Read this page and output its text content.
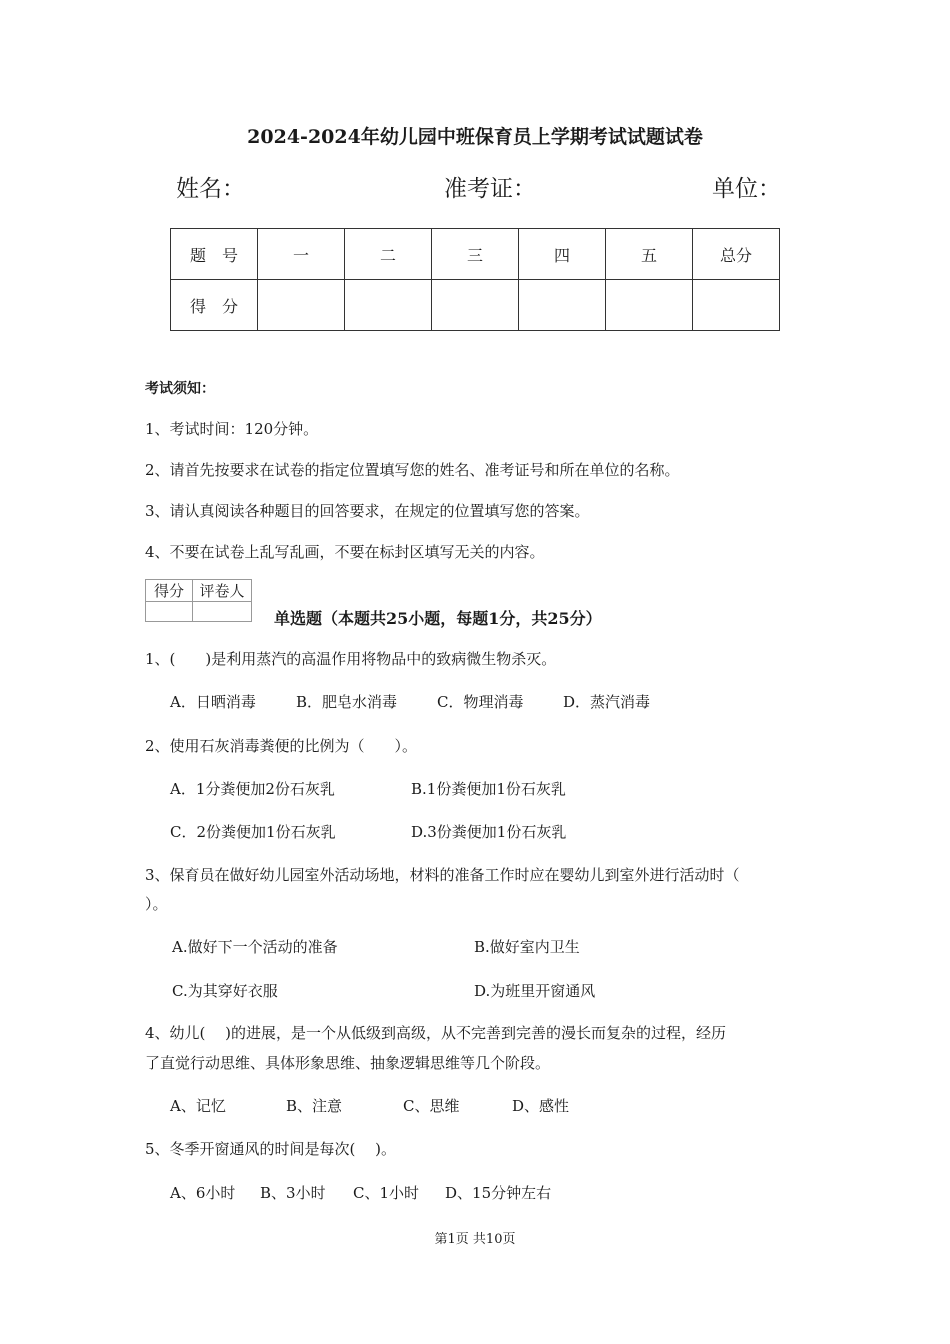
2024-2024年幼儿园中班保育员上学期考试试题试卷
姓名：	准考证：	单位：
题　号	一	二	三	四	五	总分
得　分						
考试须知：
1、考试时间：120分钟。
2、请首先按要求在试卷的指定位置填写您的姓名、准考证号和所在单位的名称。
3、请认真阅读各种题目的回答要求，在规定的位置填写您的答案。
4、不要在试卷上乱写乱画，不要在标封区填写无关的内容。
得分	评卷人

单选题（本题共25小题，每题1分，共25分）
1、(　　)是利用蒸汽的高温作用将物品中的致病微生物杀灭。
A．日晒消毒	B．肥皂水消毒	C．物理消毒	D．蒸汽消毒
2、使用石灰消毒粪便的比例为（　　）。
A．1分粪便加2份石灰乳	B.1份粪便加1份石灰乳
C．2份粪便加1份石灰乳	D.3份粪便加1份石灰乳
3、保育员在做好幼儿园室外活动场地，材料的准备工作时应在婴幼儿到室外进行活动时（
）。
A.做好下一个活动的准备	B.做好室内卫生
C.为其穿好衣服	D.为班里开窗通风
4、幼儿(　 )的进展，是一个从低级到高级，从不完善到完善的漫长而复杂的过程，经历
了直觉行动思维、具体形象思维、抽象逻辑思维等几个阶段。
A、记忆	B、注意	C、思维	D、感性
5、冬季开窗通风的时间是每次(　 )。
A、6小时 B、3小时 C、1小时 D、15分钟左右
第1页 共10页
